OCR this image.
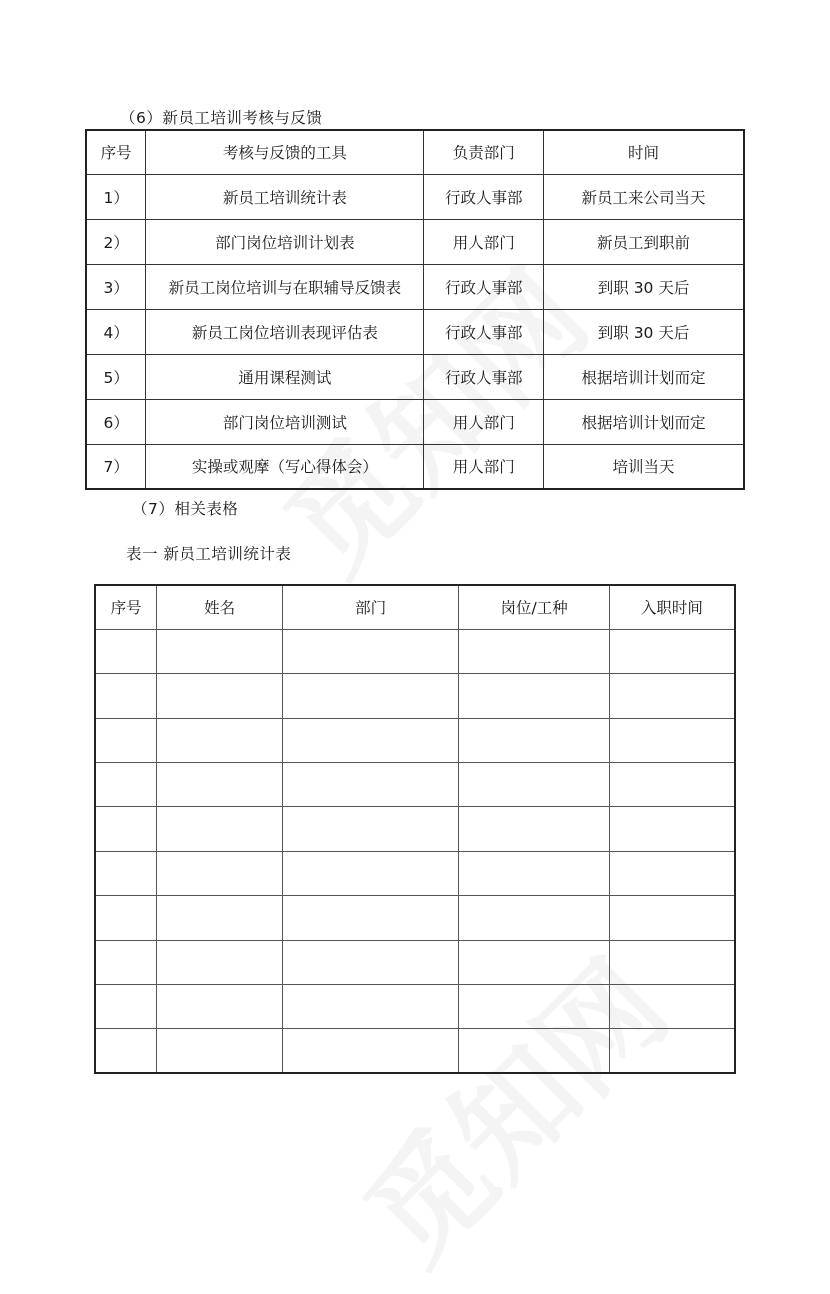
（6）新员工培训考核与反馈
序号	考核与反馈的工具	负责部门	时间
1）	新员工培训统计表	行政人事部	新员工来公司当天
2）	部门岗位培训计划表	用人部门	新员工到职前
3）	新员工岗位培训与在职辅导反馈表	行政人事部	到职 30 天后
4）	新员工岗位培训表现评估表	行政人事部	到职 30 天后
5）	通用课程测试	行政人事部	根据培训计划而定
6）	部门岗位培训测试	用人部门	根据培训计划而定
7）	实操或观摩（写心得体会）	用人部门	培训当天
（7）相关表格
表一 新员工培训统计表
序号	姓名	部门	岗位/工种	入职时间
